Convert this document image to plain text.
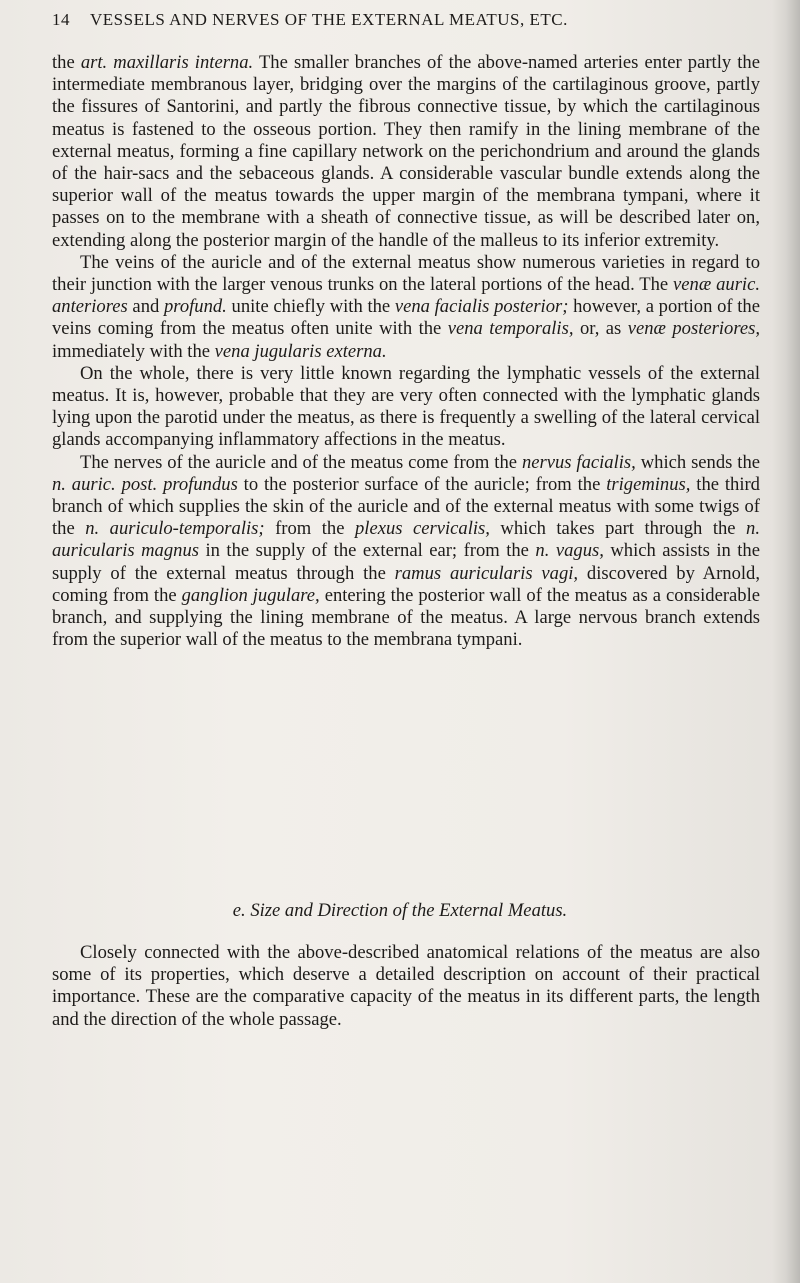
14 VESSELS AND NERVES OF THE EXTERNAL MEATUS, ETC.

the art. maxillaris interna. The smaller branches of the above-named arteries enter partly the intermediate membranous layer, bridging over the margins of the cartilaginous groove, partly the fissures of Santorini, and partly the fibrous connective tissue, by which the cartilaginous meatus is fastened to the osseous portion. They then ramify in the lining membrane of the external meatus, forming a fine capillary network on the perichondrium and around the glands of the hair-sacs and the sebaceous glands. A considerable vascular bundle extends along the superior wall of the meatus towards the upper margin of the membrana tympani, where it passes on to the membrane with a sheath of connective tissue, as will be described later on, extending along the posterior margin of the handle of the malleus to its inferior extremity.

The veins of the auricle and of the external meatus show numerous varieties in regard to their junction with the larger venous trunks on the lateral portions of the head. The venæ auric. anteriores and profund. unite chiefly with the vena facialis posterior; however, a portion of the veins coming from the meatus often unite with the vena temporalis, or, as venæ posteriores, immediately with the vena jugularis externa.

On the whole, there is very little known regarding the lymphatic vessels of the external meatus. It is, however, probable that they are very often connected with the lymphatic glands lying upon the parotid under the meatus, as there is frequently a swelling of the lateral cervical glands accompanying inflammatory affections in the meatus.

The nerves of the auricle and of the meatus come from the nervus facialis, which sends the n. auric. post. profundus to the posterior surface of the auricle; from the trigeminus, the third branch of which supplies the skin of the auricle and of the external meatus with some twigs of the n. auriculo-temporalis; from the plexus cervicalis, which takes part through the n. auricularis magnus in the supply of the external ear; from the n. vagus, which assists in the supply of the external meatus through the ramus auricularis vagi, discovered by Arnold, coming from the ganglion jugulare, entering the posterior wall of the meatus as a considerable branch, and supplying the lining membrane of the meatus. A large nervous branch extends from the superior wall of the meatus to the membrana tympani.

e. Size and Direction of the External Meatus.

Closely connected with the above-described anatomical relations of the meatus are also some of its properties, which deserve a detailed description on account of their practical importance. These are the comparative capacity of the meatus in its different parts, the length and the direction of the whole passage.
